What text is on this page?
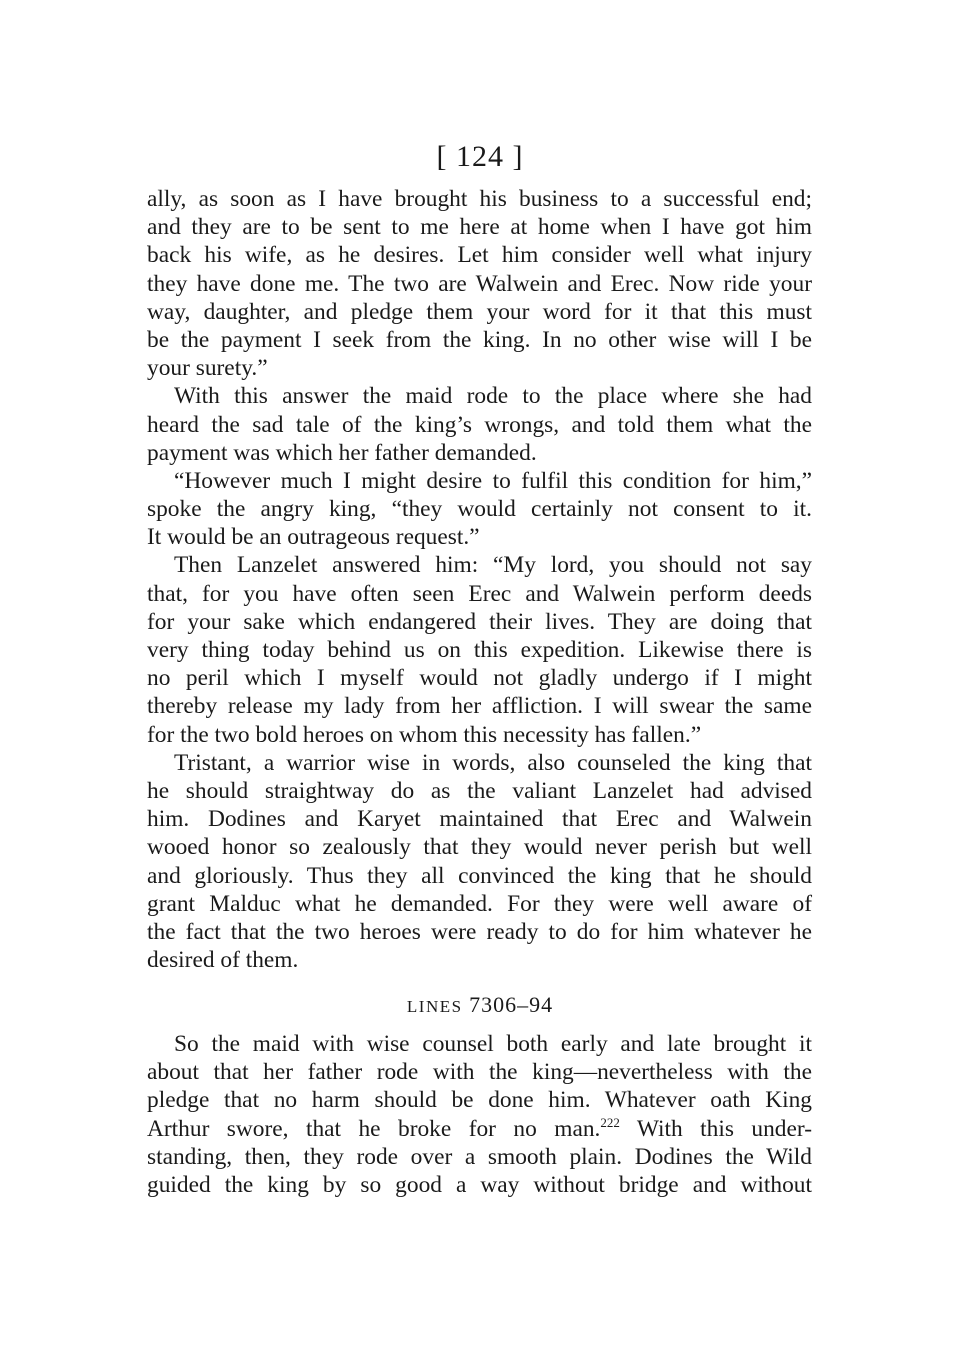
[ 124 ]
ally, as soon as I have brought his business to a successful end;
and they are to be sent to me here at home when I have got him
back his wife, as he desires. Let him consider well what injury
they have done me. The two are Walwein and Erec. Now ride your
way, daughter, and pledge them your word for it that this must
be the payment I seek from the king. In no other wise will I be
your surety.”
With this answer the maid rode to the place where she had
heard the sad tale of the king’s wrongs, and told them what the
payment was which her father demanded.
“However much I might desire to fulfil this condition for him,”
spoke the angry king, “they would certainly not consent to it.
It would be an outrageous request.”
Then Lanzelet answered him: “My lord, you should not say
that, for you have often seen Erec and Walwein perform deeds
for your sake which endangered their lives. They are doing that
very thing today behind us on this expedition. Likewise there is
no peril which I myself would not gladly undergo if I might
thereby release my lady from her affliction. I will swear the same
for the two bold heroes on whom this necessity has fallen.”
Tristant, a warrior wise in words, also counseled the king that
he should straightway do as the valiant Lanzelet had advised
him. Dodines and Karyet maintained that Erec and Walwein
wooed honor so zealously that they would never perish but well
and gloriously. Thus they all convinced the king that he should
grant Malduc what he demanded. For they were well aware of
the fact that the two heroes were ready to do for him whatever he
desired of them.
LINES 7306–94
So the maid with wise counsel both early and late brought it
about that her father rode with the king—nevertheless with the
pledge that no harm should be done him. Whatever oath King
Arthur swore, that he broke for no man.$^{222}$ With this under-
standing, then, they rode over a smooth plain. Dodines the Wild
guided the king by so good a way without bridge and without
